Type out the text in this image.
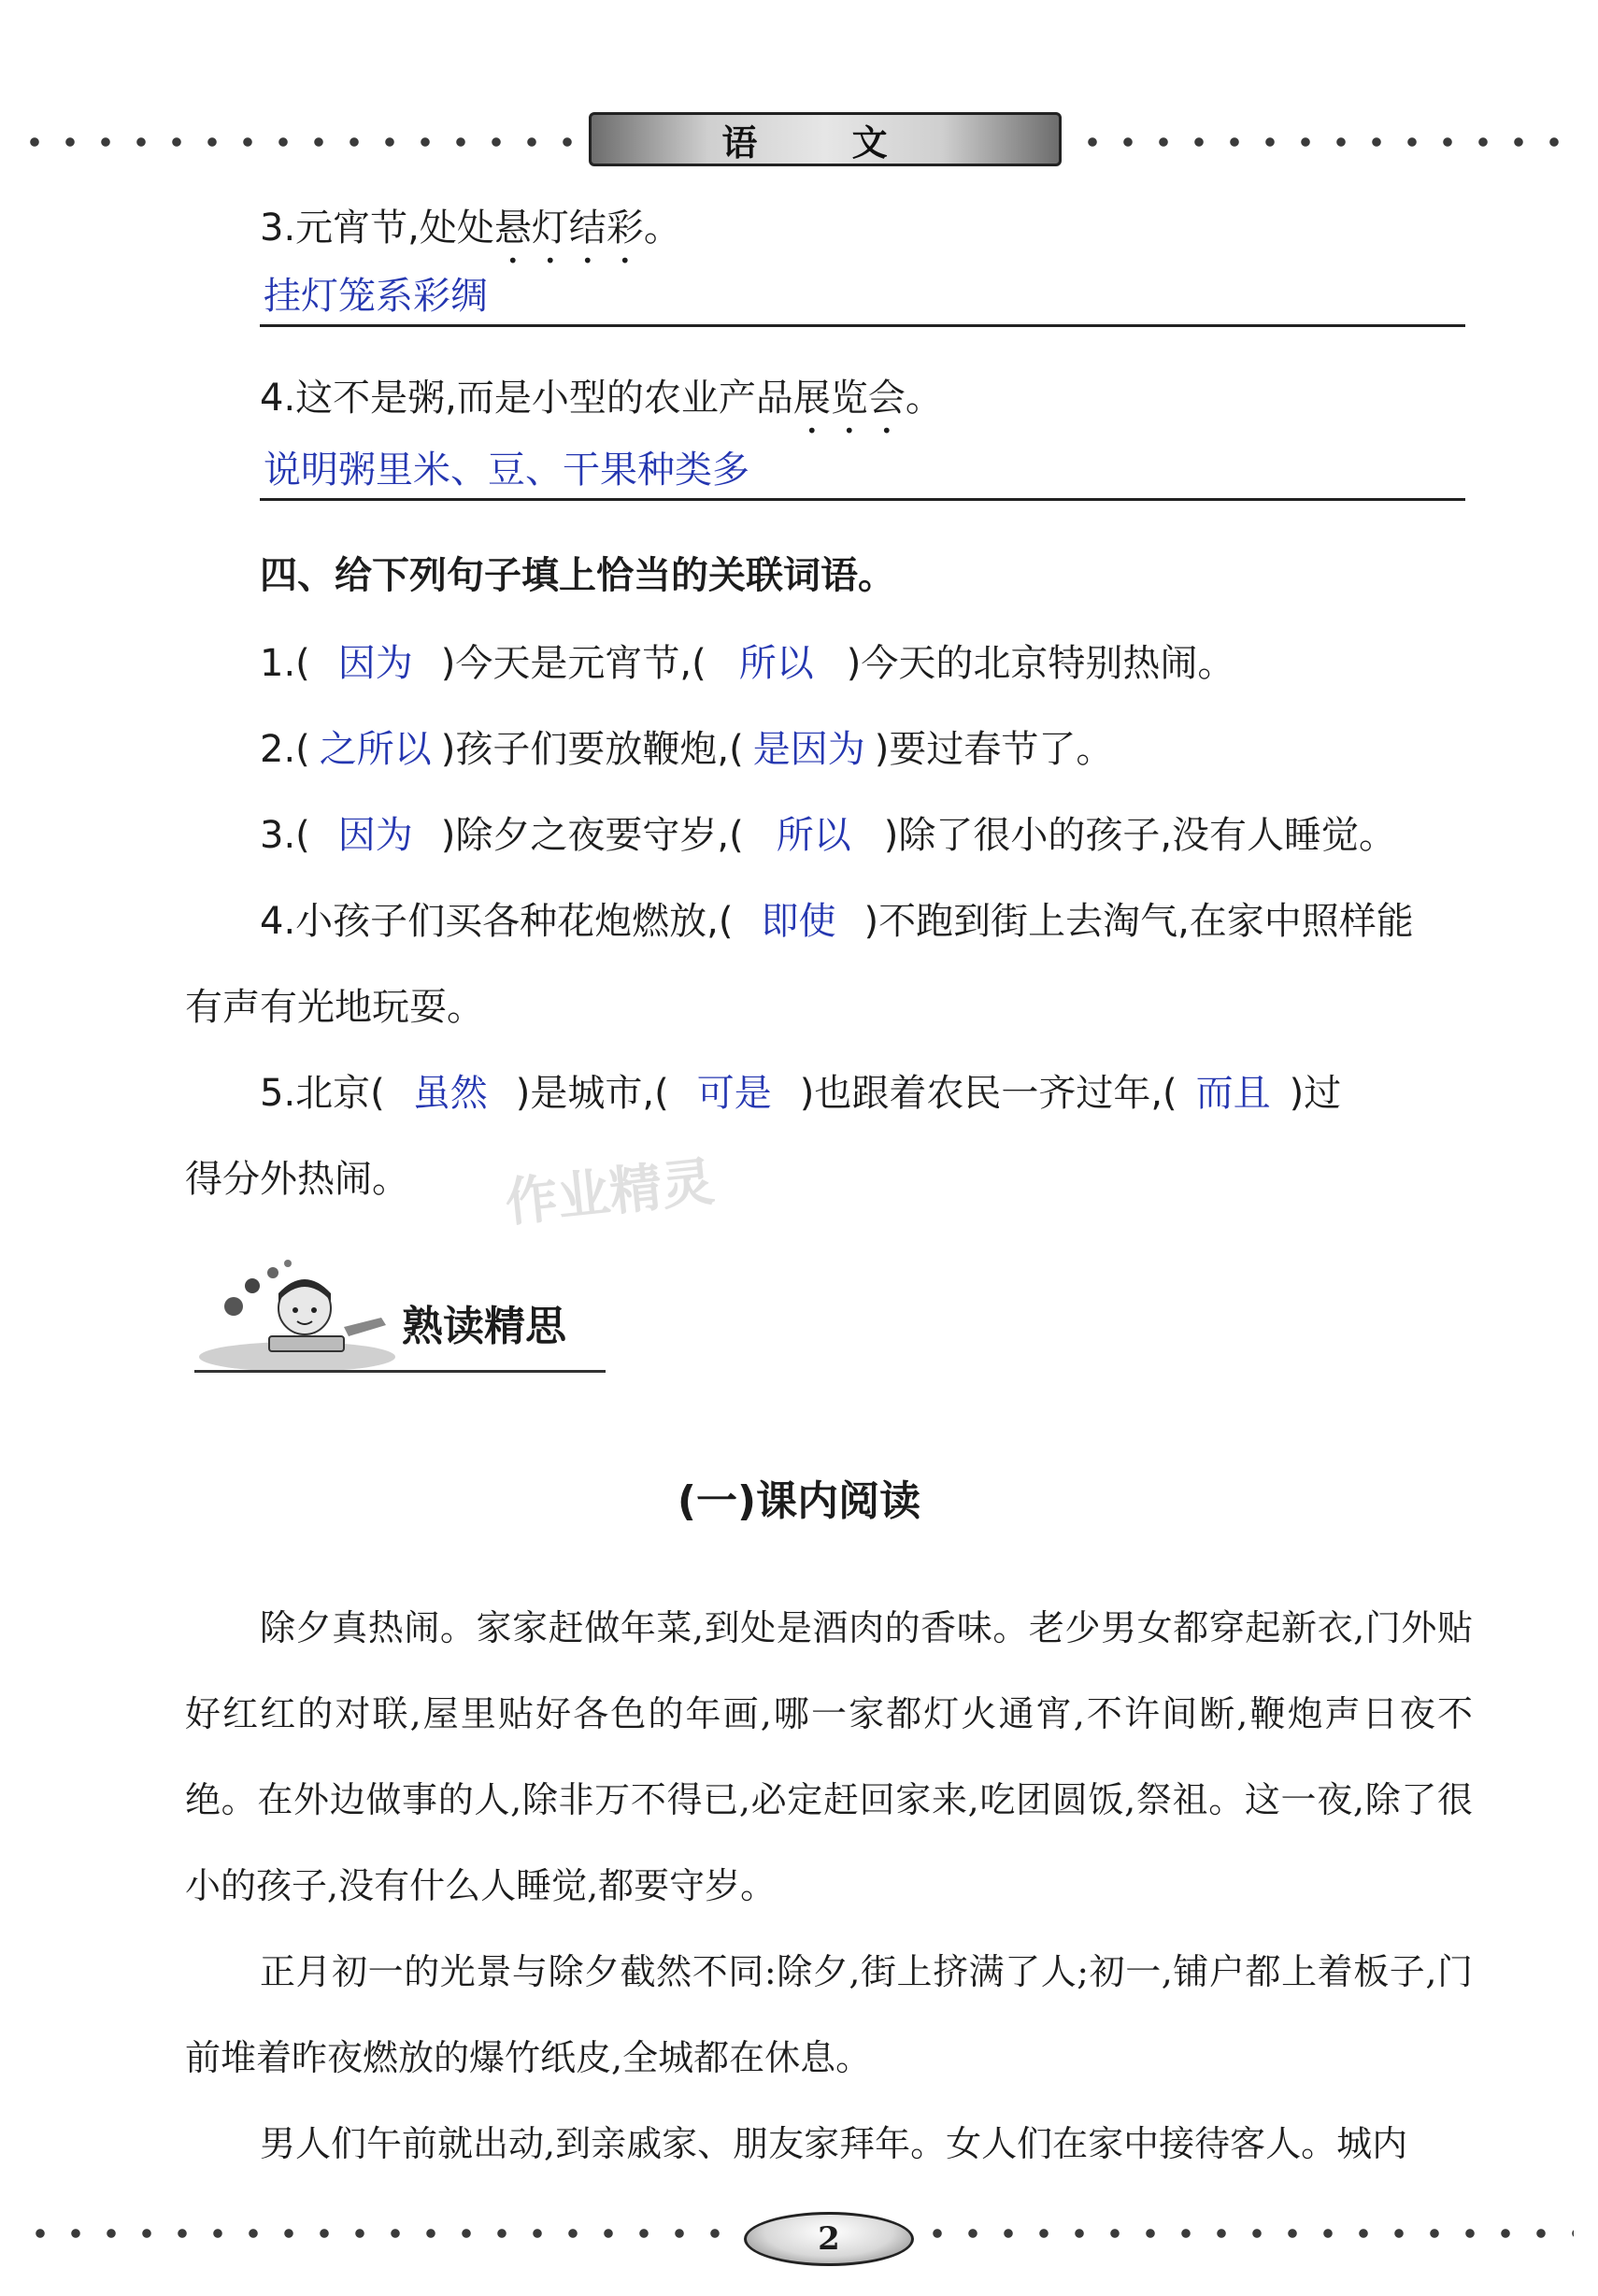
语 文
3.元宵节,处处悬灯结彩。
挂灯笼系彩绸
4.这不是粥,而是小型的农业产品展览会。
说明粥里米、豆、干果种类多
四、给下列句子填上恰当的关联词语。
1.( 因为 )今天是元宵节,( 所以 )今天的北京特别热闹。
2.( 之所以 )孩子们要放鞭炮,( 是因为 )要过春节了。
3.( 因为 )除夕之夜要守岁,( 所以 )除了很小的孩子,没有人睡觉。
4.小孩子们买各种花炮燃放,( 即使 )不跑到街上去淘气,在家中照样能
有声有光地玩耍。
5.北京( 虽然 )是城市,( 可是 )也跟着农民一齐过年,( 而且 )过
得分外热闹。 作业精灵
熟读精思
(一)课内阅读
除夕真热闹。家家赶做年菜,到处是酒肉的香味。老少男女都穿起新衣,门外贴好红红的对联,屋里贴好各色的年画,哪一家都灯火通宵,不许间断,鞭炮声日夜不绝。在外边做事的人,除非万不得已,必定赶回家来,吃团圆饭,祭祖。这一夜,除了很小的孩子,没有什么人睡觉,都要守岁。
正月初一的光景与除夕截然不同:除夕,街上挤满了人;初一,铺户都上着板子,门前堆着昨夜燃放的爆竹纸皮,全城都在休息。
男人们午前就出动,到亲戚家、朋友家拜年。女人们在家中接待客人。城内
2
